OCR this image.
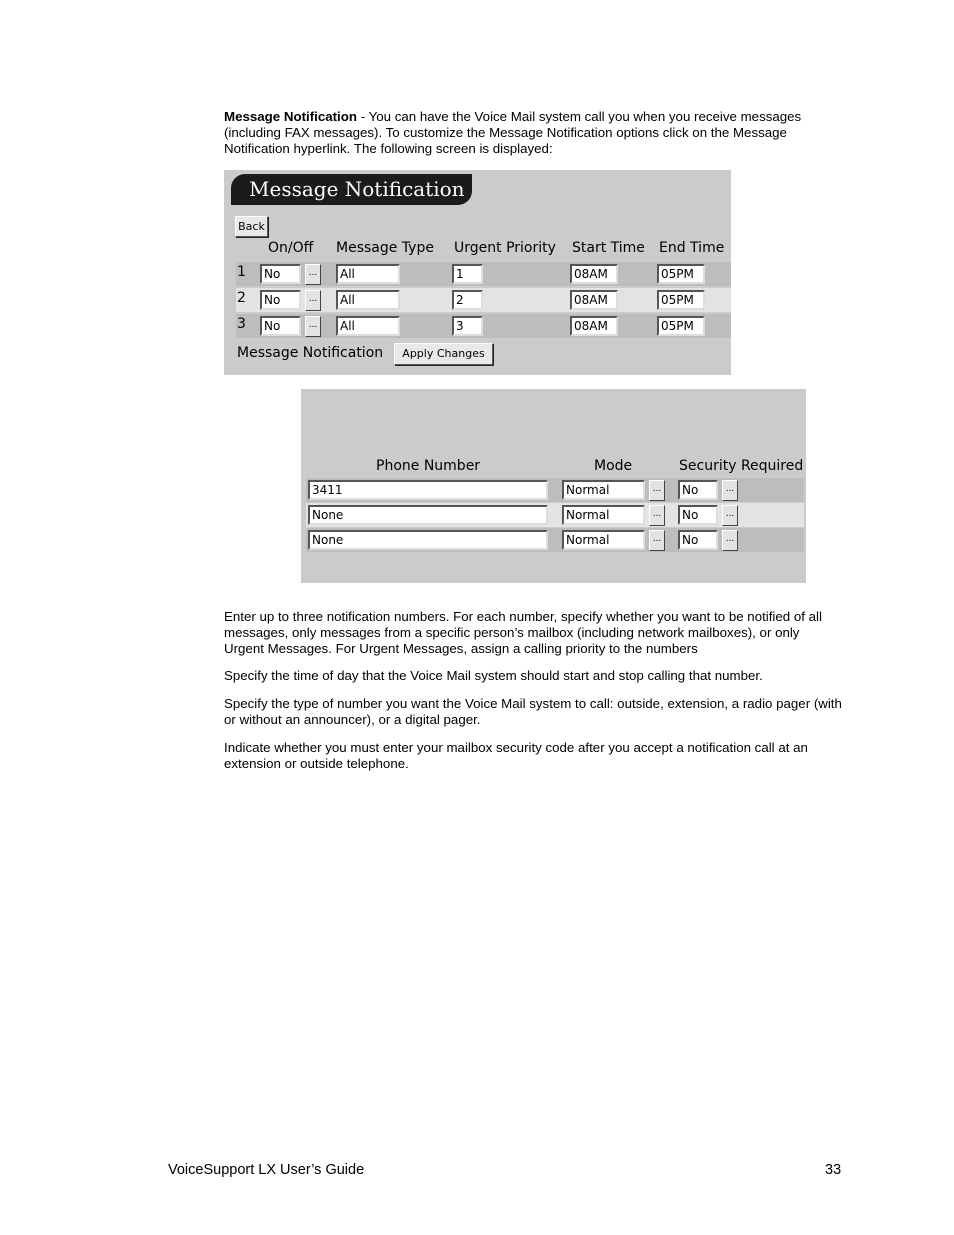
Message Notification - You can have the Voice Mail system call you when you receive messages (including FAX messages). To customize the Message Notification options click on the Message Notification hyperlink. The following screen is displayed:

Message Notification
Back
On/Off Message Type Urgent Priority Start Time End Time
1	No	...	All	1	08AM	05PM
2	No	...	All	2	08AM	05PM
3	No	...	All	3	08AM	05PM
Message Notification	Apply Changes
Phone Number	Mode	Security Required
3411	Normal	...	No	...
None	Normal	...	No	...
None	Normal	...	No	...

Enter up to three notification numbers. For each number, specify whether you want to be notified of all messages, only messages from a specific person’s mailbox (including network mailboxes), or only Urgent Messages. For Urgent Messages, assign a calling priority to the numbers

Specify the time of day that the Voice Mail system should start and stop calling that number.

Specify the type of number you want the Voice Mail system to call: outside, extension, a radio pager (with or without an announcer), or a digital pager.

Indicate whether you must enter your mailbox security code after you accept a notification call at an extension or outside telephone.

VoiceSupport LX User’s Guide	33
